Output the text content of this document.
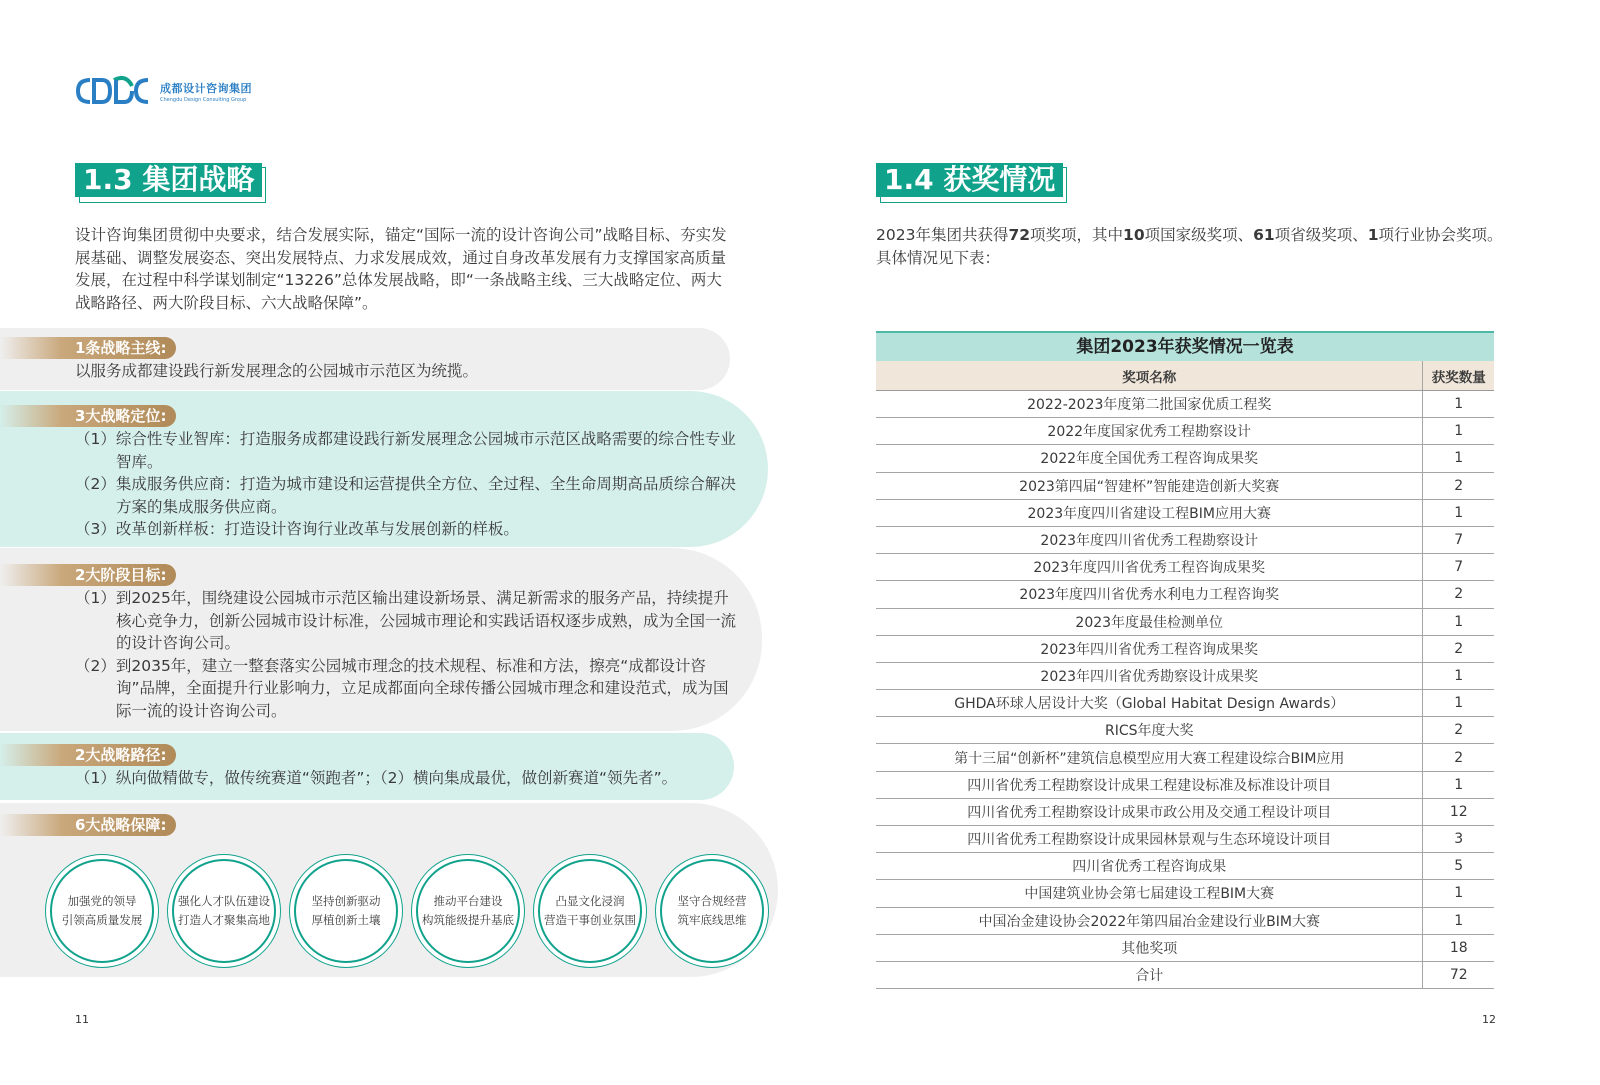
成都设计咨询集团
Chengdu Design Consulting Group
1.3 集团战略
设计咨询集团贯彻中央要求，结合发展实际，锚定“国际一流的设计咨询公司”战略目标、夯实发展基础、调整发展姿态、突出发展特点、力求发展成效，通过自身改革发展有力支撑国家高质量发展，在过程中科学谋划制定“13226”总体发展战略，即“一条战略主线、三大战略定位、两大战略路径、两大阶段目标、六大战略保障”。
1条战略主线:
以服务成都建设践行新发展理念的公园城市示范区为统揽。
3大战略定位:

（1）综合性专业智库：打造服务成都建设践行新发展理念公园城市示范区战略需要的综合性专业智库。

（2）集成服务供应商：打造为城市建设和运营提供全方位、全过程、全生命周期高品质综合解决方案的集成服务供应商。

（3）改革创新样板：打造设计咨询行业改革与发展创新的样板。

2大阶段目标:

（1）到2025年，围绕建设公园城市示范区输出建设新场景、满足新需求的服务产品，持续提升核心竞争力，创新公园城市设计标准，公园城市理论和实践话语权逐步成熟，成为全国一流的设计咨询公司。

（2）到2035年，建立一整套落实公园城市理念的技术规程、标准和方法，擦亮“成都设计咨询”品牌，全面提升行业影响力，立足成都面向全球传播公园城市理念和建设范式，成为国际一流的设计咨询公司。

2大战略路径:
（1）纵向做精做专，做传统赛道“领跑者”；（2）横向集成最优，做创新赛道“领先者”。
6大战略保障:
加强党的领导
引领高质量发展
强化人才队伍建设
打造人才聚集高地
坚持创新驱动
厚植创新土壤
推动平台建设
构筑能级提升基底
凸显文化浸润
营造干事创业氛围
坚守合规经营
筑牢底线思维
11
1.4 获奖情况
2023年集团共获得72项奖项，其中10项国家级奖项、61项省级奖项、1项行业协会奖项。
具体情况见下表：
集团2023年获奖情况一览表
奖项名称	获奖数量
2022-2023年度第二批国家优质工程奖	1
2022年度国家优秀工程勘察设计	1
2022年度全国优秀工程咨询成果奖	1
2023第四届“智建杯”智能建造创新大奖赛	2
2023年度四川省建设工程BIM应用大赛	1
2023年度四川省优秀工程勘察设计	7
2023年度四川省优秀工程咨询成果奖	7
2023年度四川省优秀水利电力工程咨询奖	2
2023年度最佳检测单位	1
2023年四川省优秀工程咨询成果奖	2
2023年四川省优秀勘察设计成果奖	1
GHDA环球人居设计大奖（Global Habitat Design Awards）	1
RICS年度大奖	2
第十三届“创新杯”建筑信息模型应用大赛工程建设综合BIM应用	2
四川省优秀工程勘察设计成果工程建设标准及标准设计项目	1
四川省优秀工程勘察设计成果市政公用及交通工程设计项目	12
四川省优秀工程勘察设计成果园林景观与生态环境设计项目	3
四川省优秀工程咨询成果	5
中国建筑业协会第七届建设工程BIM大赛	1
中国冶金建设协会2022年第四届冶金建设行业BIM大赛	1
其他奖项	18
合计	72
12
